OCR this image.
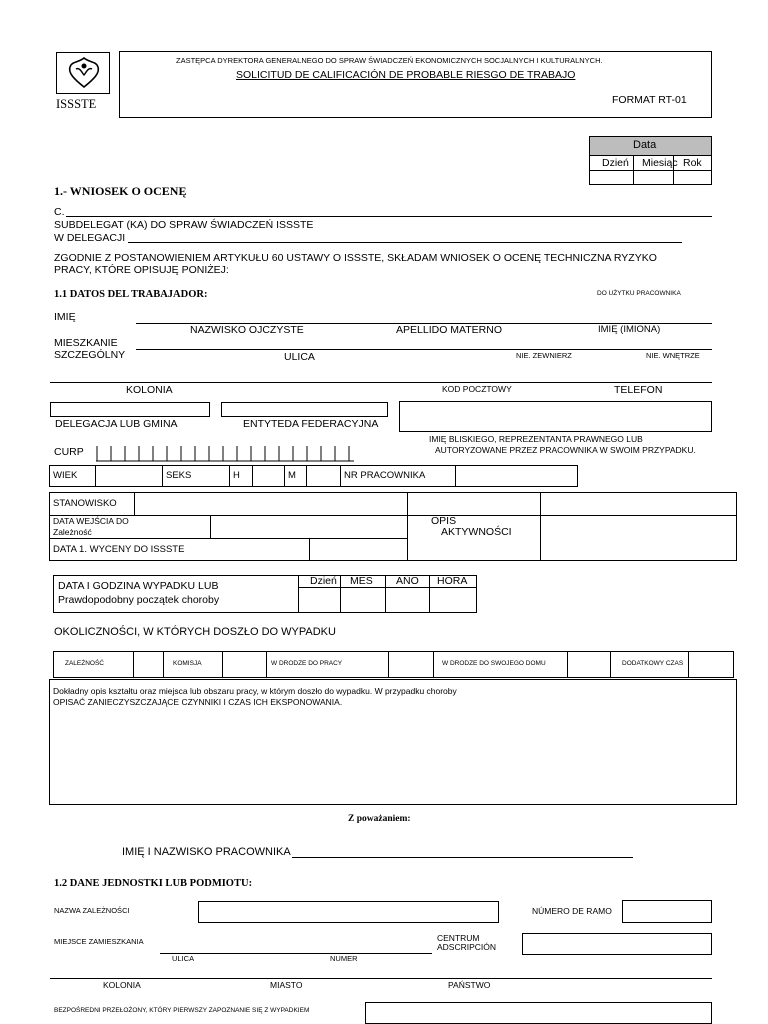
ISSSTE
ZASTĘPCA DYREKTORA GENERALNEGO DO SPRAW ŚWIADCZEŃ EKONOMICZNYCH SOCJALNYCH I KULTURALNYCH.
SOLICITUD DE CALIFICACIÓN DE PROBABLE RIESGO DE TRABAJO
FORMAT RT-01
Data
Dzień Miesiąc Rok
1.- WNIOSEK O OCENĘ
C.
SUBDELEGAT (KA) DO SPRAW ŚWIADCZEŃ ISSSTE
W DELEGACJI
ZGODNIE Z POSTANOWIENIEM ARTYKUŁU 60 USTAWY O ISSSTE, SKŁADAM WNIOSEK O OCENĘ TECHNICZNA RYZYKO PRACY, KTÓRE OPISUJĘ PONIŻEJ:
1.1 DATOS DEL TRABAJADOR:	DO UŻYTKU PRACOWNIKA
IMIĘ
NAZWISKO OJCZYSTE	APELLIDO MATERNO	IMIĘ (IMIONA)
MIESZKANIE
SZCZEGÓLNY	ULICA	NIE. ZEWNIERZ	NIE. WNĘTRZE
KOLONIA	KOD POCZTOWY	TELEFON
DELEGACJA LUB GMINA	ENTYTEDA FEDERACYJNA
IMIĘ BLISKIEGO, REPREZENTANTA PRAWNEGO LUB
AUTORYZOWANE PRZEZ PRACOWNIKA W SWOIM PRZYPADKU.
CURP
WIEK	SEKS	H	M	NR PRACOWNIKA
STANOWISKO
DATA WEJŚCIA DO
Zależność
DATA 1. WYCENY DO ISSSTE
OPIS
AKTYWNOŚCI
DATA I GODZINA WYPADKU LUB
Prawdopodobny początek choroby
Dzień MES AÑO HORA
OKOLICZNOŚCI, W KTÓRYCH DOSZŁO DO WYPADKU
ZALEŻNOŚĆ	KOMISJA	W DRODZE DO PRACY	W DRODZE DO SWOJEGO DOMU	DODATKOWY CZAS
Dokładny opis kształtu oraz miejsca lub obszaru pracy, w którym doszło do wypadku. W przypadku choroby
OPISAĆ ZANIECZYSZCZAJĄCE CZYNNIKI I CZAS ICH EKSPONOWANIA.
Z poważaniem:
IMIĘ I NAZWISKO PRACOWNIKA
1.2 DANE JEDNOSTKI LUB PODMIOTU:
NAZWA ZALEŻNOŚCI	NÚMERO DE RAMO
MIEJSCE ZAMIESZKANIA	CENTRUM
ADSCRIPCIÓN
ULICA	NUMER
KOLONIA	MIASTO	PAŃSTWO
BEZPOŚREDNI PRZEŁOŻONY, KTÓRY PIERWSZY ZAPOZNANIE SIĘ Z WYPADKIEM
